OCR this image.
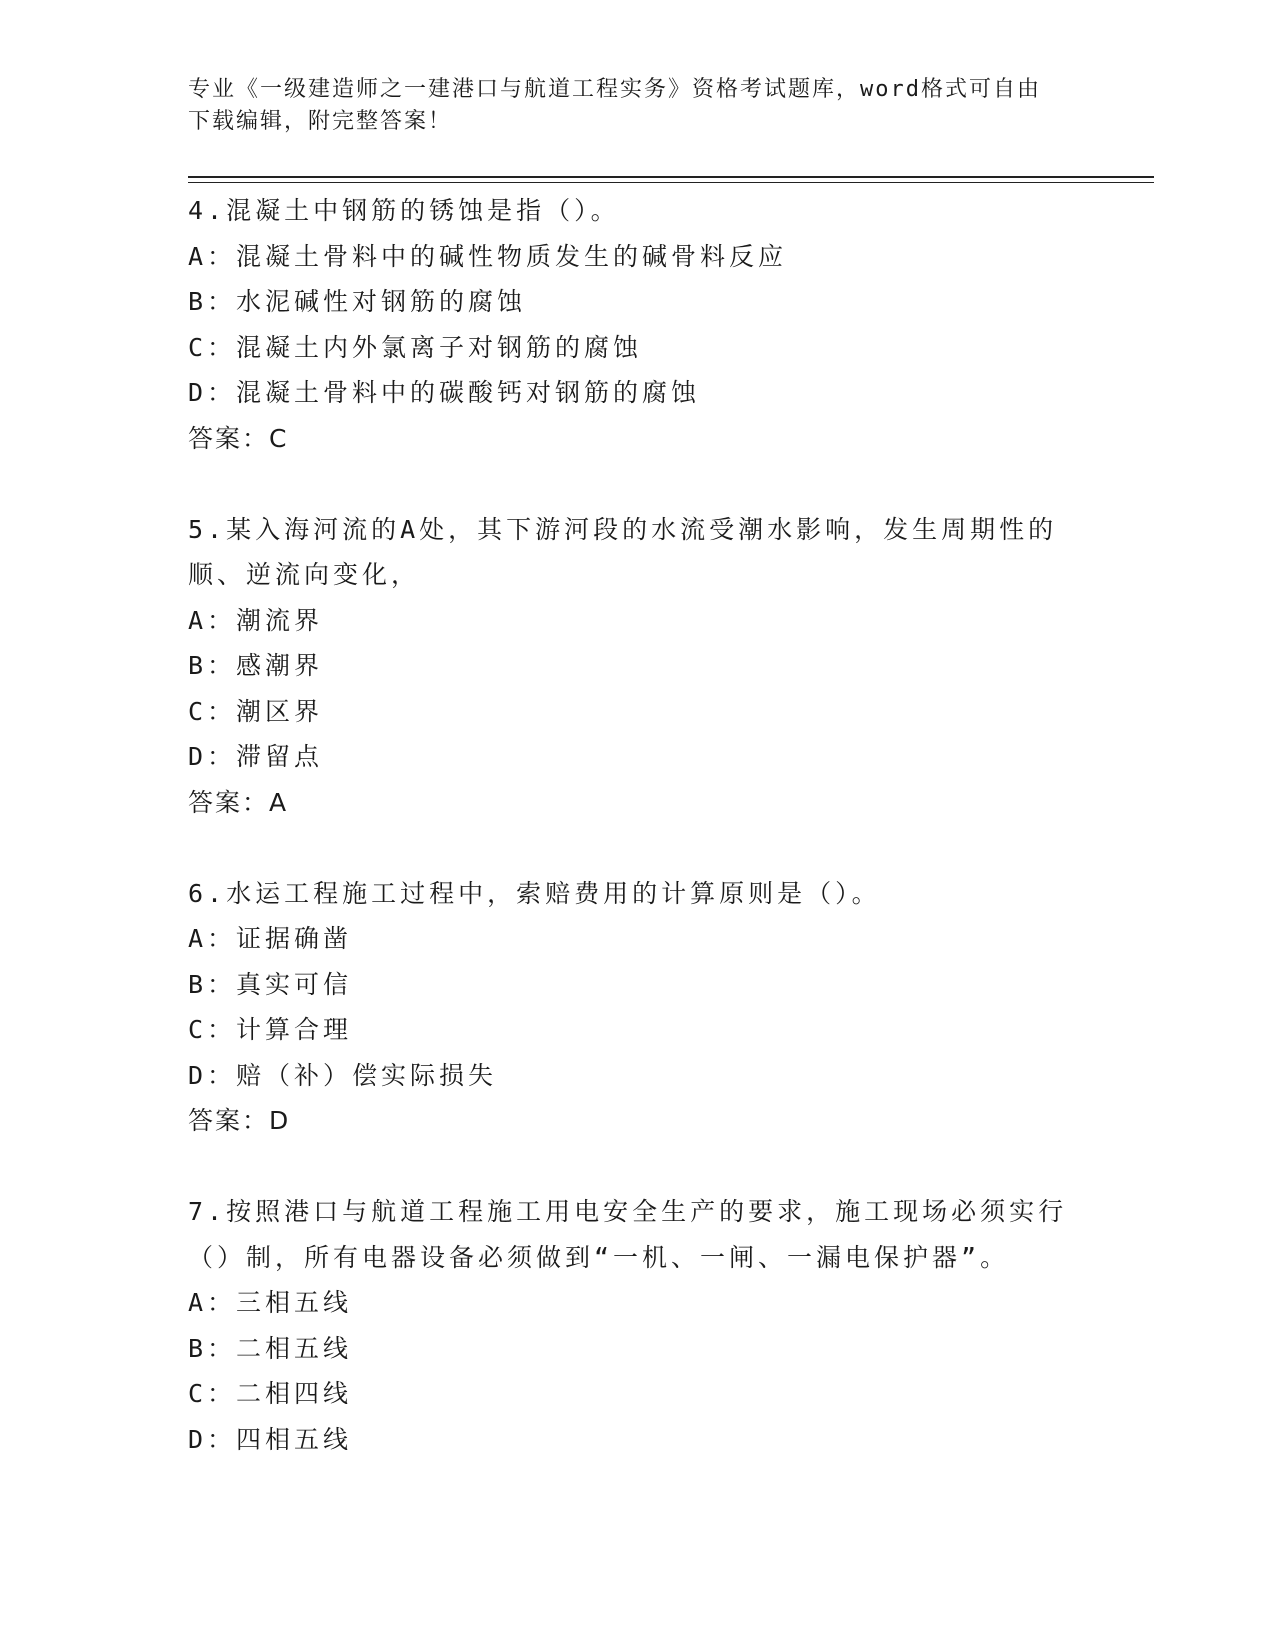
专业《一级建造师之一建港口与航道工程实务》资格考试题库，word格式可自由
下载编辑，附完整答案！
4.混凝土中钢筋的锈蚀是指（）。
A：混凝土骨料中的碱性物质发生的碱骨料反应
B：水泥碱性对钢筋的腐蚀
C：混凝土内外氯离子对钢筋的腐蚀
D：混凝土骨料中的碳酸钙对钢筋的腐蚀
答案：C
5.某入海河流的A处，其下游河段的水流受潮水影响，发生周期性的
顺、逆流向变化，
A：潮流界
B：感潮界
C：潮区界
D：滞留点
答案：A
6.水运工程施工过程中，索赔费用的计算原则是（）。
A：证据确凿
B：真实可信
C：计算合理
D：赔（补）偿实际损失
答案：D
7.按照港口与航道工程施工用电安全生产的要求，施工现场必须实行
（）制，所有电器设备必须做到“一机、一闸、一漏电保护器”。
A：三相五线
B：二相五线
C：二相四线
D：四相五线
